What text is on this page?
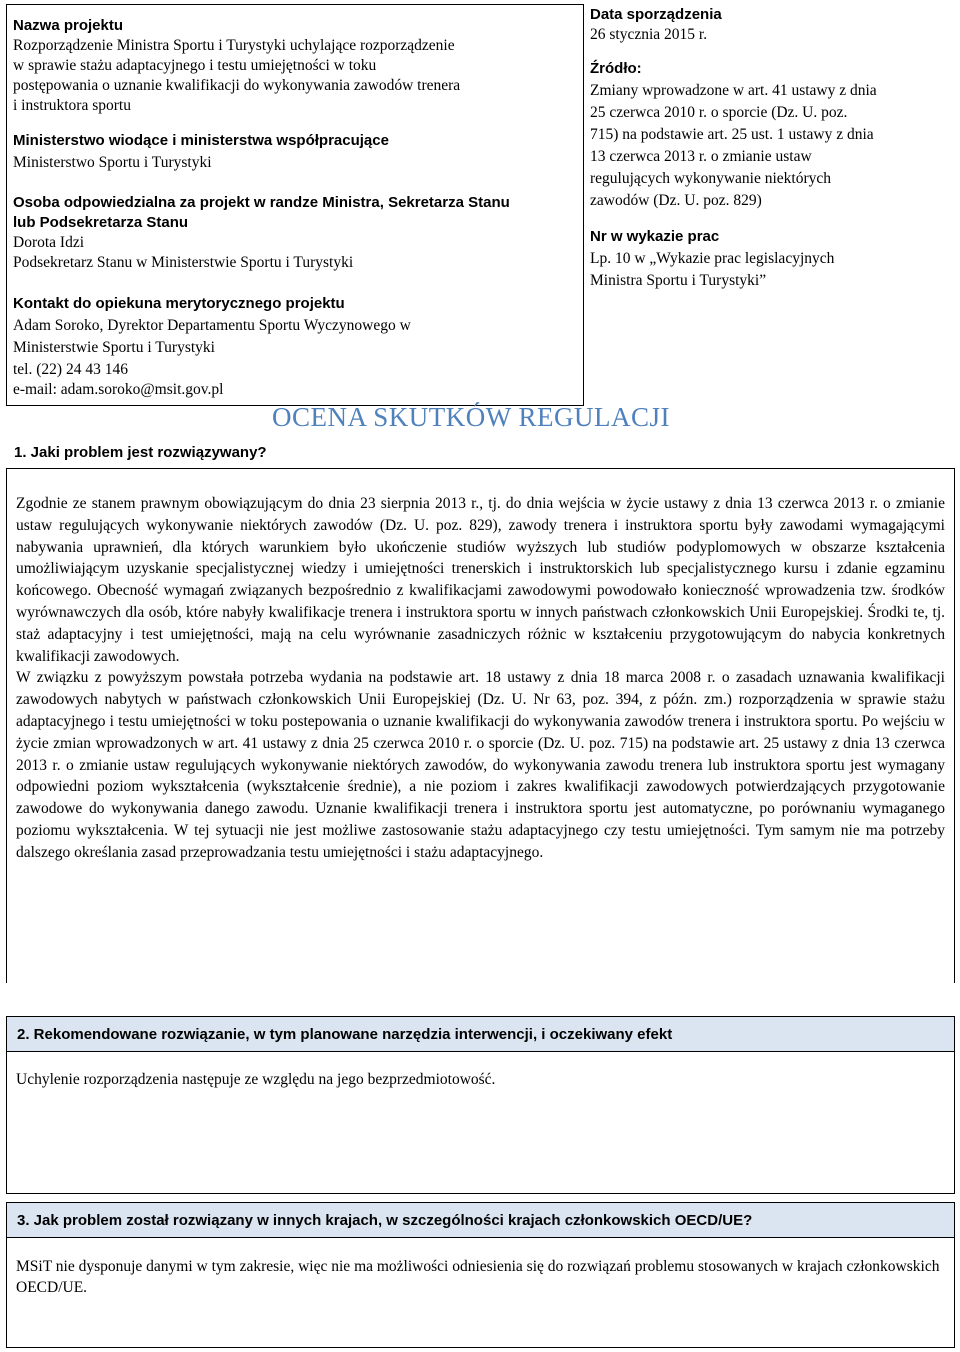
Nazwa projektu

Rozporządzenie Ministra Sportu i Turystyki uchylające rozporządzenie

w sprawie stażu adaptacyjnego i testu umiejętności w toku

postępowania o uznanie kwalifikacji do wykonywania zawodów trenera

i instruktora sportu

Ministerstwo wiodące i ministerstwa współpracujące

Ministerstwo Sportu i Turystyki

Osoba odpowiedzialna za projekt w randze Ministra, Sekretarza Stanu

lub Podsekretarza Stanu

Dorota Idzi

Podsekretarz Stanu w Ministerstwie Sportu i Turystyki

Kontakt do opiekuna merytorycznego projektu

Adam Soroko, Dyrektor Departamentu Sportu Wyczynowego w

Ministerstwie Sportu i Turystyki

tel. (22) 24 43 146

e-mail: adam.soroko@msit.gov.pl

Data sporządzenia

26 stycznia 2015 r.

Źródło:

Zmiany wprowadzone w art. 41 ustawy z dnia

25 czerwca 2010 r. o sporcie (Dz. U. poz.

715) na podstawie art. 25 ust. 1 ustawy z dnia

13 czerwca 2013 r. o zmianie ustaw

regulujących wykonywanie niektórych

zawodów (Dz. U. poz. 829)

Nr w wykazie prac

Lp. 10 w „Wykazie prac legislacyjnych

Ministra Sportu i Turystyki”

OCENA SKUTKÓW REGULACJI
1. Jaki problem jest rozwiązywany?

Zgodnie ze stanem prawnym obowiązującym do dnia 23 sierpnia 2013 r., tj. do dnia wejścia w życie ustawy z dnia 13 czerwca 2013 r. o zmianie ustaw regulujących wykonywanie niektórych zawodów (Dz. U. poz. 829), zawody trenera i instruktora sportu były zawodami wymagającymi nabywania uprawnień, dla których warunkiem było ukończenie studiów wyższych lub studiów podyplomowych w obszarze kształcenia umożliwiającym uzyskanie specjalistycznej wiedzy i umiejętności trenerskich i instruktorskich lub specjalistycznego kursu i zdanie egzaminu końcowego. Obecność wymagań związanych bezpośrednio z kwalifikacjami zawodowymi powodowało konieczność wprowadzenia tzw. środków wyrównawczych dla osób, które nabyły kwalifikacje trenera i instruktora sportu w innych państwach członkowskich Unii Europejskiej. Środki te, tj. staż adaptacyjny i test umiejętności, mają na celu wyrównanie zasadniczych różnic w kształceniu przygotowującym do nabycia konkretnych kwalifikacji zawodowych.

W związku z powyższym powstała potrzeba wydania na podstawie art. 18 ustawy z dnia 18 marca 2008 r. o zasadach uznawania kwalifikacji zawodowych nabytych w państwach członkowskich Unii Europejskiej (Dz. U. Nr 63, poz. 394, z późn. zm.) rozporządzenia w sprawie stażu adaptacyjnego i testu umiejętności w toku postepowania o uznanie kwalifikacji do wykonywania zawodów trenera i instruktora sportu. Po wejściu w życie zmian wprowadzonych w art. 41 ustawy z dnia 25 czerwca 2010 r. o sporcie (Dz. U. poz. 715) na podstawie art. 25 ustawy z dnia 13 czerwca 2013 r. o zmianie ustaw regulujących wykonywanie niektórych zawodów, do wykonywania zawodu trenera lub instruktora sportu jest wymagany odpowiedni poziom wykształcenia (wykształcenie średnie), a nie poziom i zakres kwalifikacji zawodowych potwierdzających przygotowanie zawodowe do wykonywania danego zawodu. Uznanie kwalifikacji trenera i instruktora sportu jest automatyczne, po porównaniu wymaganego poziomu wykształcenia. W tej sytuacji nie jest możliwe zastosowanie stażu adaptacyjnego czy testu umiejętności. Tym samym nie ma potrzeby dalszego określania zasad przeprowadzania testu umiejętności i stażu adaptacyjnego.

2. Rekomendowane rozwiązanie, w tym planowane narzędzia interwencji, i oczekiwany efekt

Uchylenie rozporządzenia następuje ze względu na jego bezprzedmiotowość.

3. Jak problem został rozwiązany w innych krajach, w szczególności krajach członkowskich OECD/UE?

MSiT nie dysponuje danymi w tym zakresie, więc nie ma możliwości odniesienia się do rozwiązań problemu stosowanych w krajach członkowskich OECD/UE.
